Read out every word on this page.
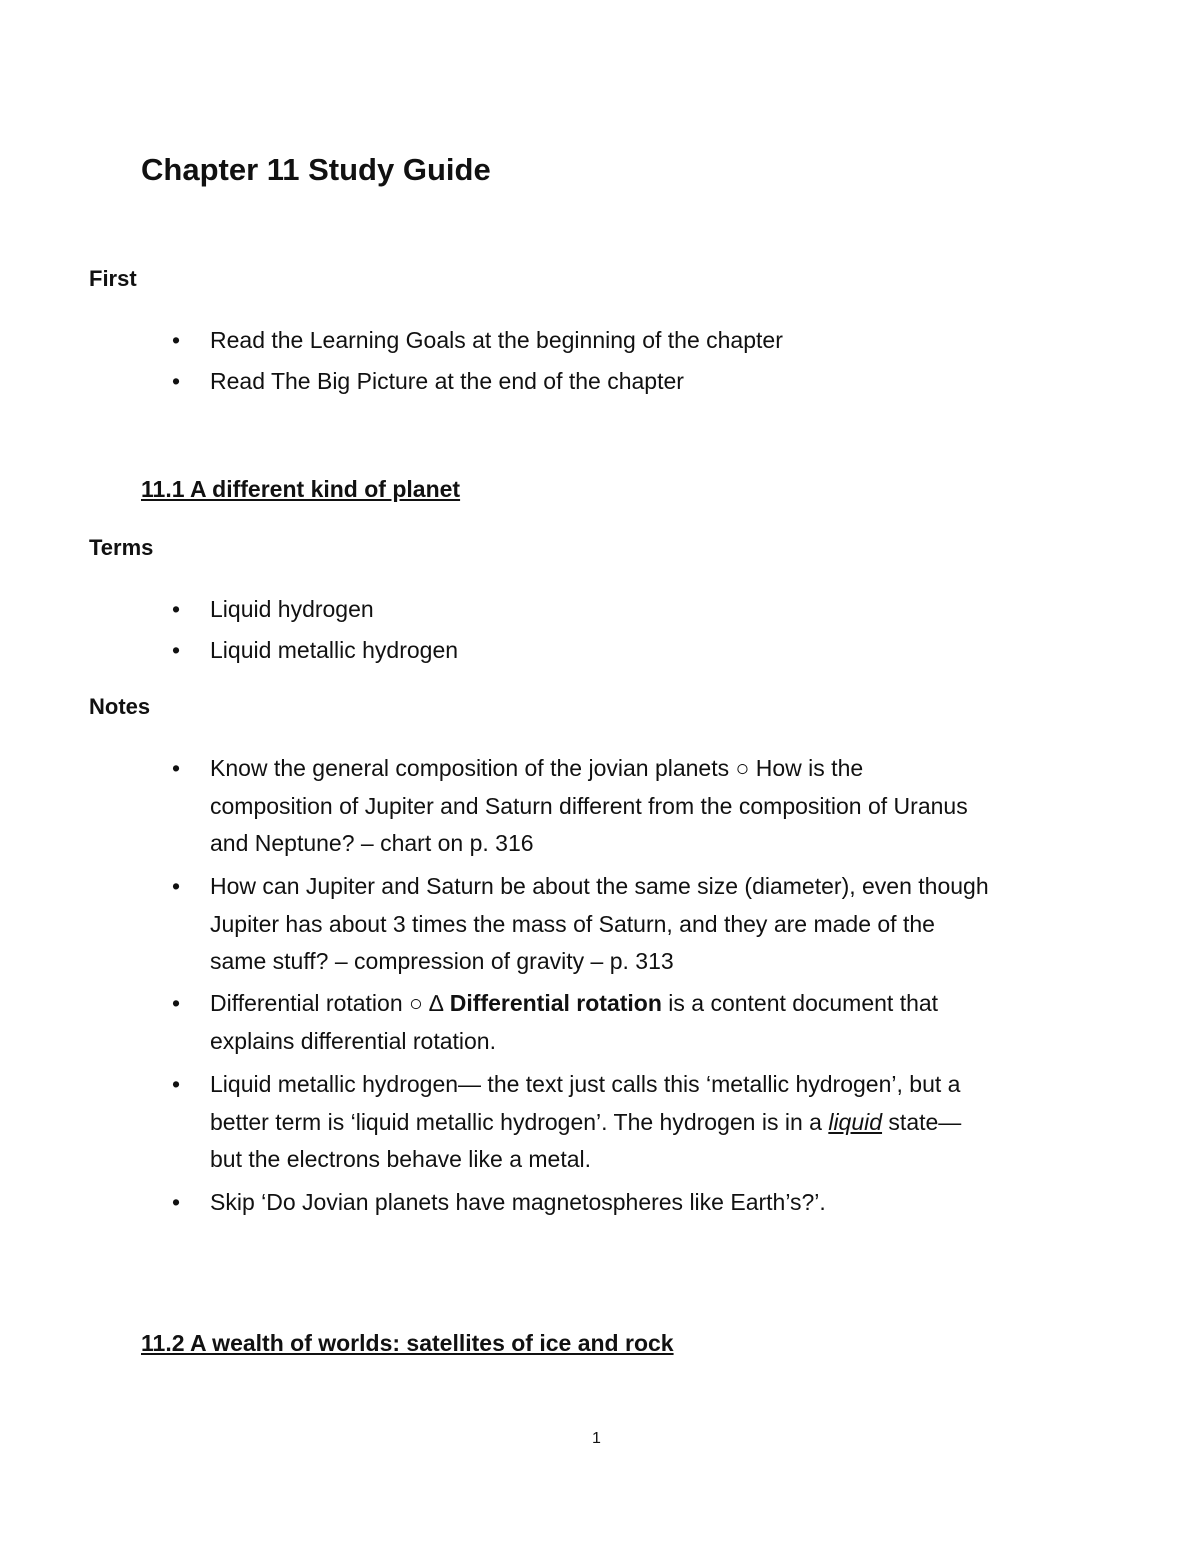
Chapter 11 Study Guide
First
• Read the Learning Goals at the beginning of the chapter
• Read The Big Picture at the end of the chapter
11.1 A different kind of planet
Terms
• Liquid hydrogen
• Liquid metallic hydrogen
Notes
• Know the general composition of the jovian planets ○ How is the
composition of Jupiter and Saturn different from the composition of Uranus
and Neptune? – chart on p. 316
• How can Jupiter and Saturn be about the same size (diameter), even though
Jupiter has about 3 times the mass of Saturn, and they are made of the
same stuff? – compression of gravity – p. 313
• Differential rotation ○ ∆ Differential rotation is a content document that
explains differential rotation.
• Liquid metallic hydrogen— the text just calls this ‘metallic hydrogen’, but a
better term is ‘liquid metallic hydrogen’. The hydrogen is in a liquid state—
but the electrons behave like a metal.
• Skip ‘Do Jovian planets have magnetospheres like Earth’s?’.
11.2 A wealth of worlds: satellites of ice and rock
1
